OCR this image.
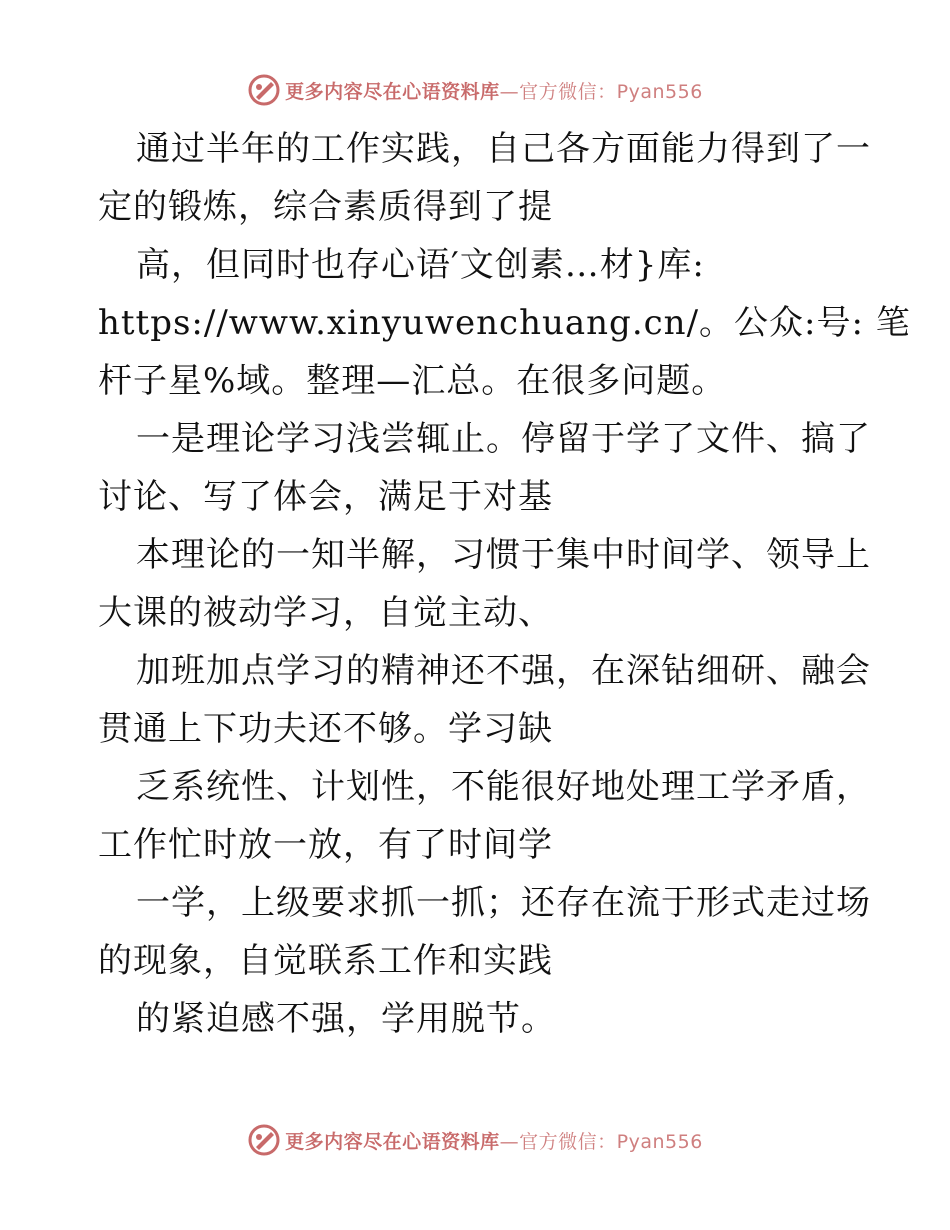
更多内容尽在心语资料库—官方微信：Pyan556
通过半年的工作实践，自己各方面能力得到了一
定的锻炼，综合素质得到了提
高，但同时也存心语′文创素…材}库:
https://www.xinyuwenchuang.cn/。公众:号: 笔
杆子星%域。整理—汇总。在很多问题。
一是理论学习浅尝辄止。停留于学了文件、搞了
讨论、写了体会，满足于对基
本理论的一知半解，习惯于集中时间学、领导上
大课的被动学习，自觉主动、
加班加点学习的精神还不强，在深钻细研、融会
贯通上下功夫还不够。学习缺
乏系统性、计划性，不能很好地处理工学矛盾，
工作忙时放一放，有了时间学
一学，上级要求抓一抓；还存在流于形式走过场
的现象，自觉联系工作和实践
的紧迫感不强，学用脱节。
更多内容尽在心语资料库—官方微信：Pyan556
